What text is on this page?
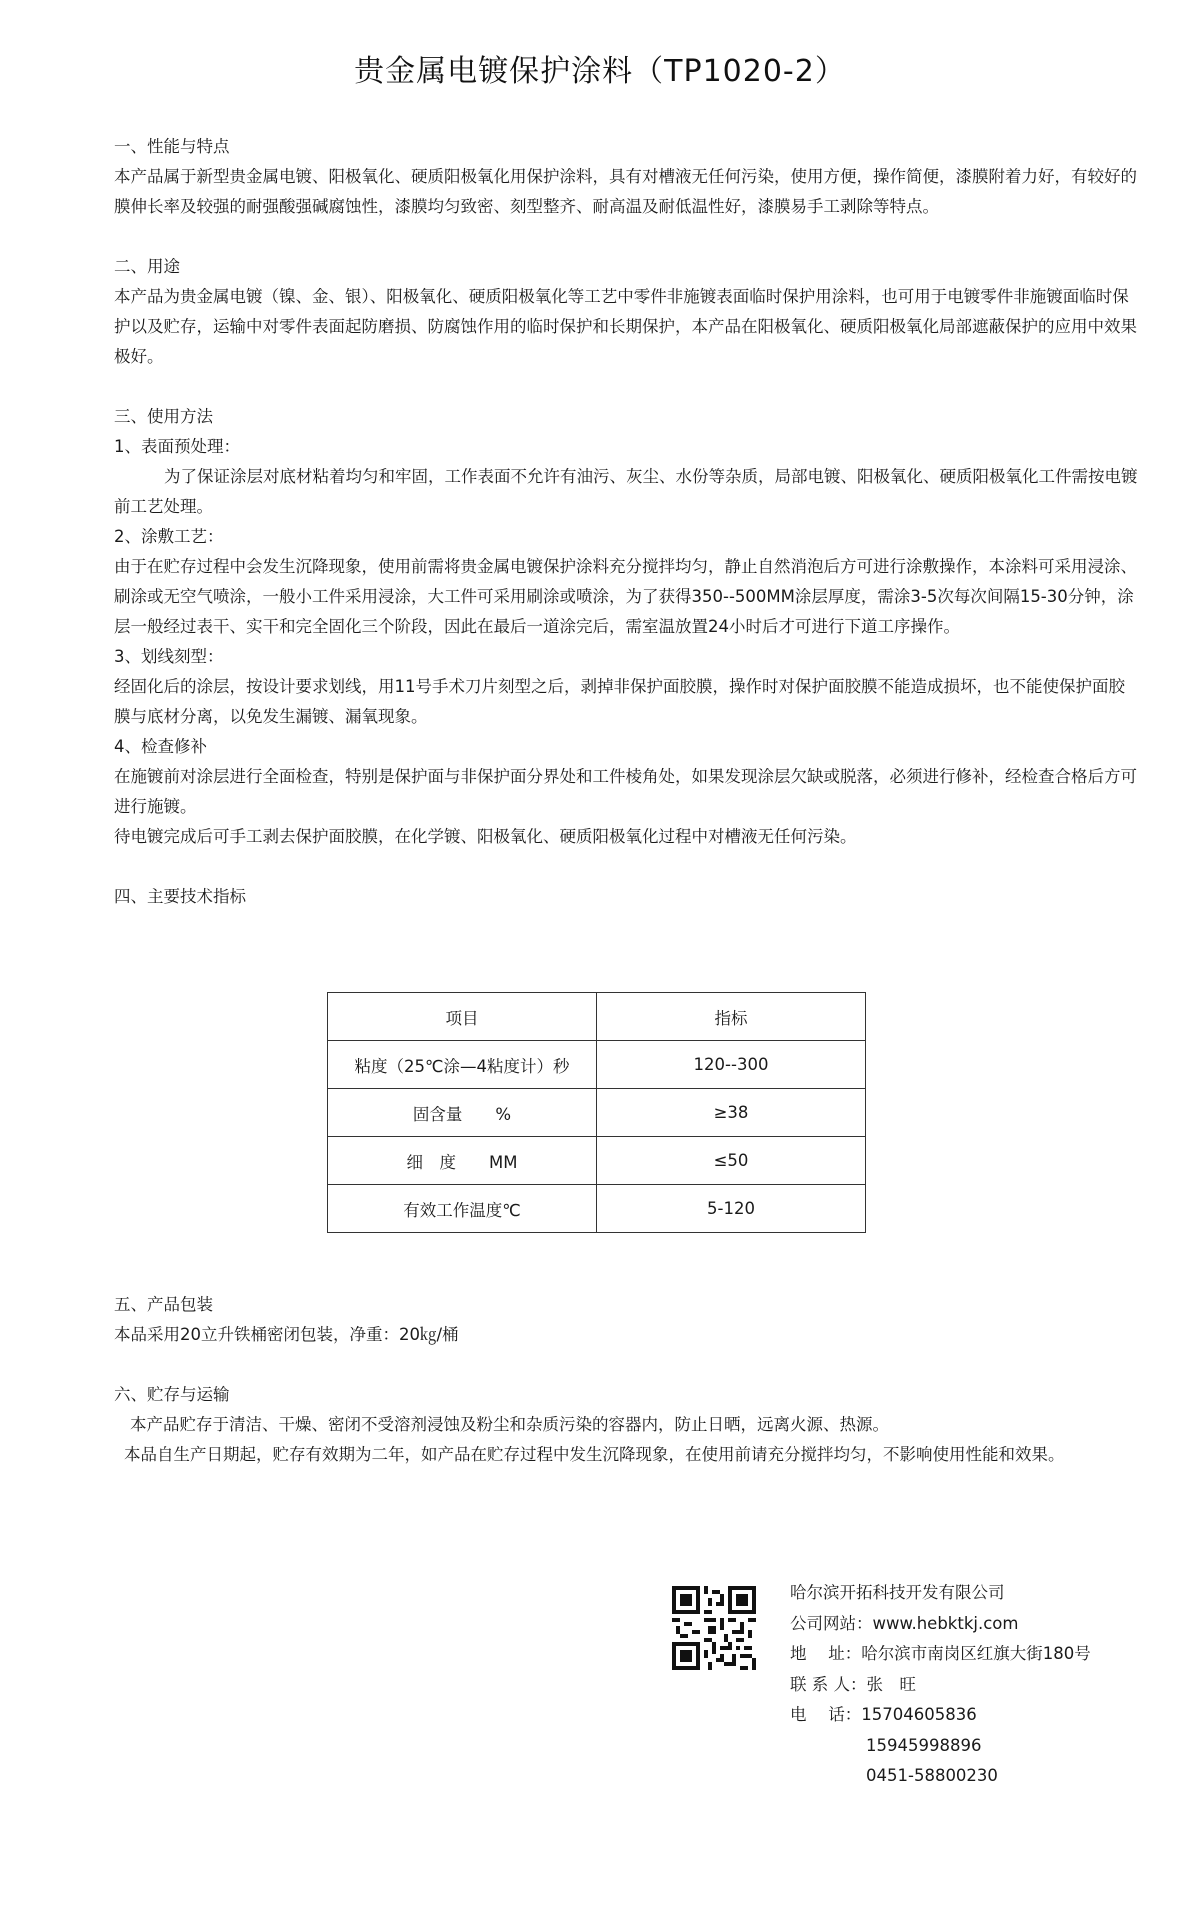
贵金属电镀保护涂料（TP1020-2）

一、性能与特点

本产品属于新型贵金属电镀、阳极氧化、硬质阳极氧化用保护涂料，具有对槽液无任何污染，使用方便，操作简便，漆膜附着力好，有较好的膜伸长率及较强的耐强酸强碱腐蚀性，漆膜均匀致密、刻型整齐、耐高温及耐低温性好，漆膜易手工剥除等特点。

二、用途

本产品为贵金属电镀（镍、金、银）、阳极氧化、硬质阳极氧化等工艺中零件非施镀表面临时保护用涂料，也可用于电镀零件非施镀面临时保护以及贮存，运输中对零件表面起防磨损、防腐蚀作用的临时保护和长期保护，本产品在阳极氧化、硬质阳极氧化局部遮蔽保护的应用中效果极好。

三、使用方法

1、表面预处理：

为了保证涂层对底材粘着均匀和牢固，工作表面不允许有油污、灰尘、水份等杂质，局部电镀、阳极氧化、硬质阳极氧化工件需按电镀前工艺处理。

2、涂敷工艺：

由于在贮存过程中会发生沉降现象，使用前需将贵金属电镀保护涂料充分搅拌均匀，静止自然消泡后方可进行涂敷操作，本涂料可采用浸涂、刷涂或无空气喷涂，一般小工件采用浸涂，大工件可采用刷涂或喷涂，为了获得350--500MM涂层厚度，需涂3-5次每次间隔15-30分钟，涂层一般经过表干、实干和完全固化三个阶段，因此在最后一道涂完后，需室温放置24小时后才可进行下道工序操作。

3、划线刻型：

经固化后的涂层，按设计要求划线，用11号手术刀片刻型之后，剥掉非保护面胶膜，操作时对保护面胶膜不能造成损坏，也不能使保护面胶膜与底材分离，以免发生漏镀、漏氧现象。

4、检查修补

在施镀前对涂层进行全面检查，特别是保护面与非保护面分界处和工件棱角处，如果发现涂层欠缺或脱落，必须进行修补，经检查合格后方可进行施镀。

待电镀完成后可手工剥去保护面胶膜，在化学镀、阳极氧化、硬质阳极氧化过程中对槽液无任何污染。

四、主要技术指标

项目	指标
粘度（25℃涂—4粘度计）秒	120--300
固含量　　%	≥38
细　度　　MM	≤50
有效工作温度℃	5-120

五、产品包装

本品采用20立升铁桶密闭包装，净重：20㎏/桶

六、贮存与运输

本产品贮存于清洁、干燥、密闭不受溶剂浸蚀及粉尘和杂质污染的容器内，防止日晒，远离火源、热源。

本品自生产日期起，贮存有效期为二年，如产品在贮存过程中发生沉降现象，在使用前请充分搅拌均匀，不影响使用性能和效果。

哈尔滨开拓科技开发有限公司

公司网站：www.hebktkj.com

地　 址：哈尔滨市南岗区红旗大街180号

联 系 人：张　旺

电　 话：15704605836

15945998896

0451-58800230
